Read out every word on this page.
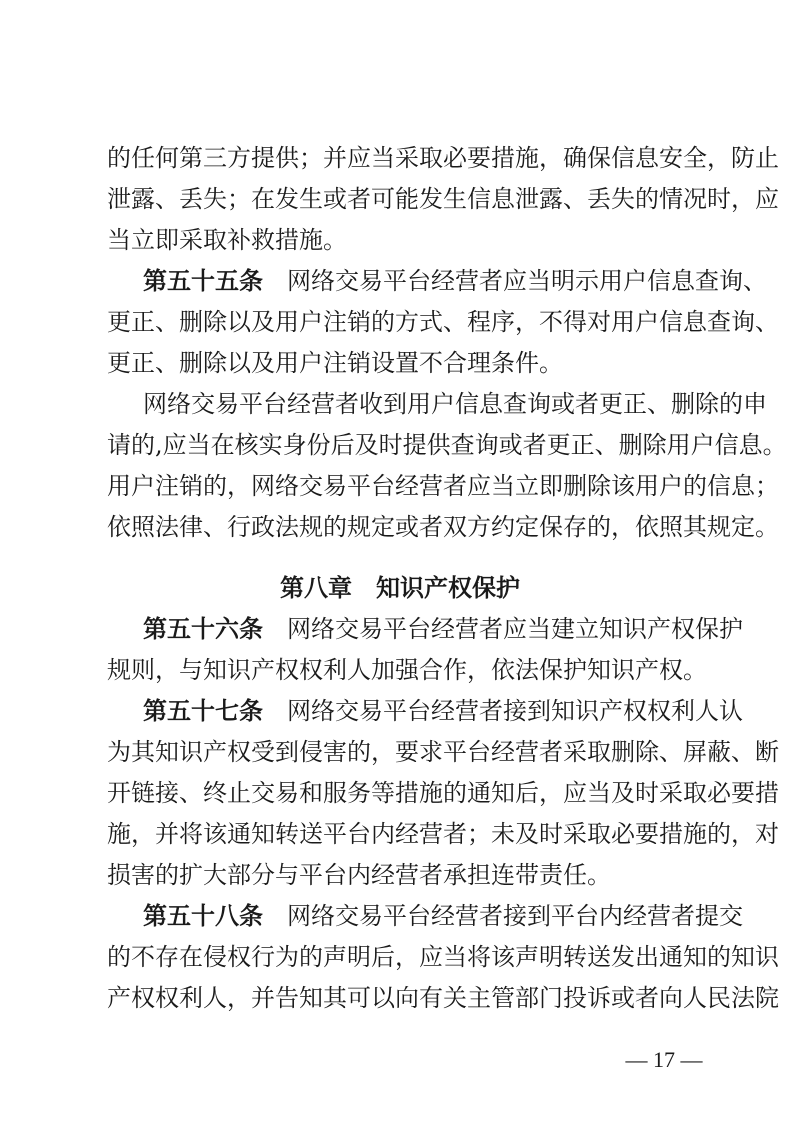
的任何第三方提供；并应当采取必要措施，确保信息安全，防止
泄露、丢失；在发生或者可能发生信息泄露、丢失的情况时，应
当立即采取补救措施。
第五十五条 网络交易平台经营者应当明示用户信息查询、
更正、删除以及用户注销的方式、程序，不得对用户信息查询、
更正、删除以及用户注销设置不合理条件。
网络交易平台经营者收到用户信息查询或者更正、删除的申
请的,应当在核实身份后及时提供查询或者更正、删除用户信息。
用户注销的，网络交易平台经营者应当立即删除该用户的信息；
依照法律、行政法规的规定或者双方约定保存的，依照其规定。
第八章　知识产权保护
第五十六条 网络交易平台经营者应当建立知识产权保护
规则，与知识产权权利人加强合作，依法保护知识产权。
第五十七条 网络交易平台经营者接到知识产权权利人认
为其知识产权受到侵害的，要求平台经营者采取删除、屏蔽、断
开链接、终止交易和服务等措施的通知后，应当及时采取必要措
施，并将该通知转送平台内经营者；未及时采取必要措施的，对
损害的扩大部分与平台内经营者承担连带责任。
第五十八条 网络交易平台经营者接到平台内经营者提交
的不存在侵权行为的声明后，应当将该声明转送发出通知的知识
产权权利人，并告知其可以向有关主管部门投诉或者向人民法院
— 17 —
